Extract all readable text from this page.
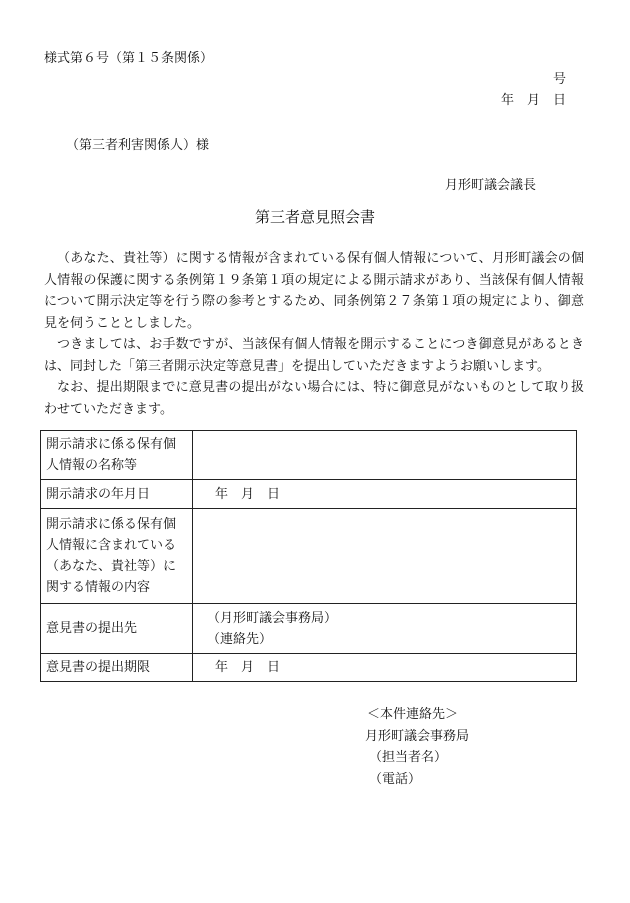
様式第６号（第１５条関係）
号
年　月　日
（第三者利害関係人）様
月形町議会議長
第三者意見照会書

（あなた、貴社等）に関する情報が含まれている保有個人情報について、月形町議会の個人情報の保護に関する条例第１９条第１項の規定による開示請求があり、当該保有個人情報について開示決定等を行う際の参考とするため、同条例第２７条第１項の規定により、御意見を伺うこととしました。

つきましては、お手数ですが、当該保有個人情報を開示することにつき御意見があるときは、同封した「第三者開示決定等意見書」を提出していただきますようお願いします。

なお、提出期限までに意見書の提出がない場合には、特に御意見がないものとして取り扱わせていただきます。

開示請求に係る保有個人情報の名称等	
開示請求の年月日	年　月　日
開示請求に係る保有個人情報に含まれている（あなた、貴社等）に関する情報の内容	
意見書の提出先	（月形町議会事務局）
（連絡先）

意見書の提出期限	年　月　日
＜本件連絡先＞
月形町議会事務局
（担当者名）
（電話）
